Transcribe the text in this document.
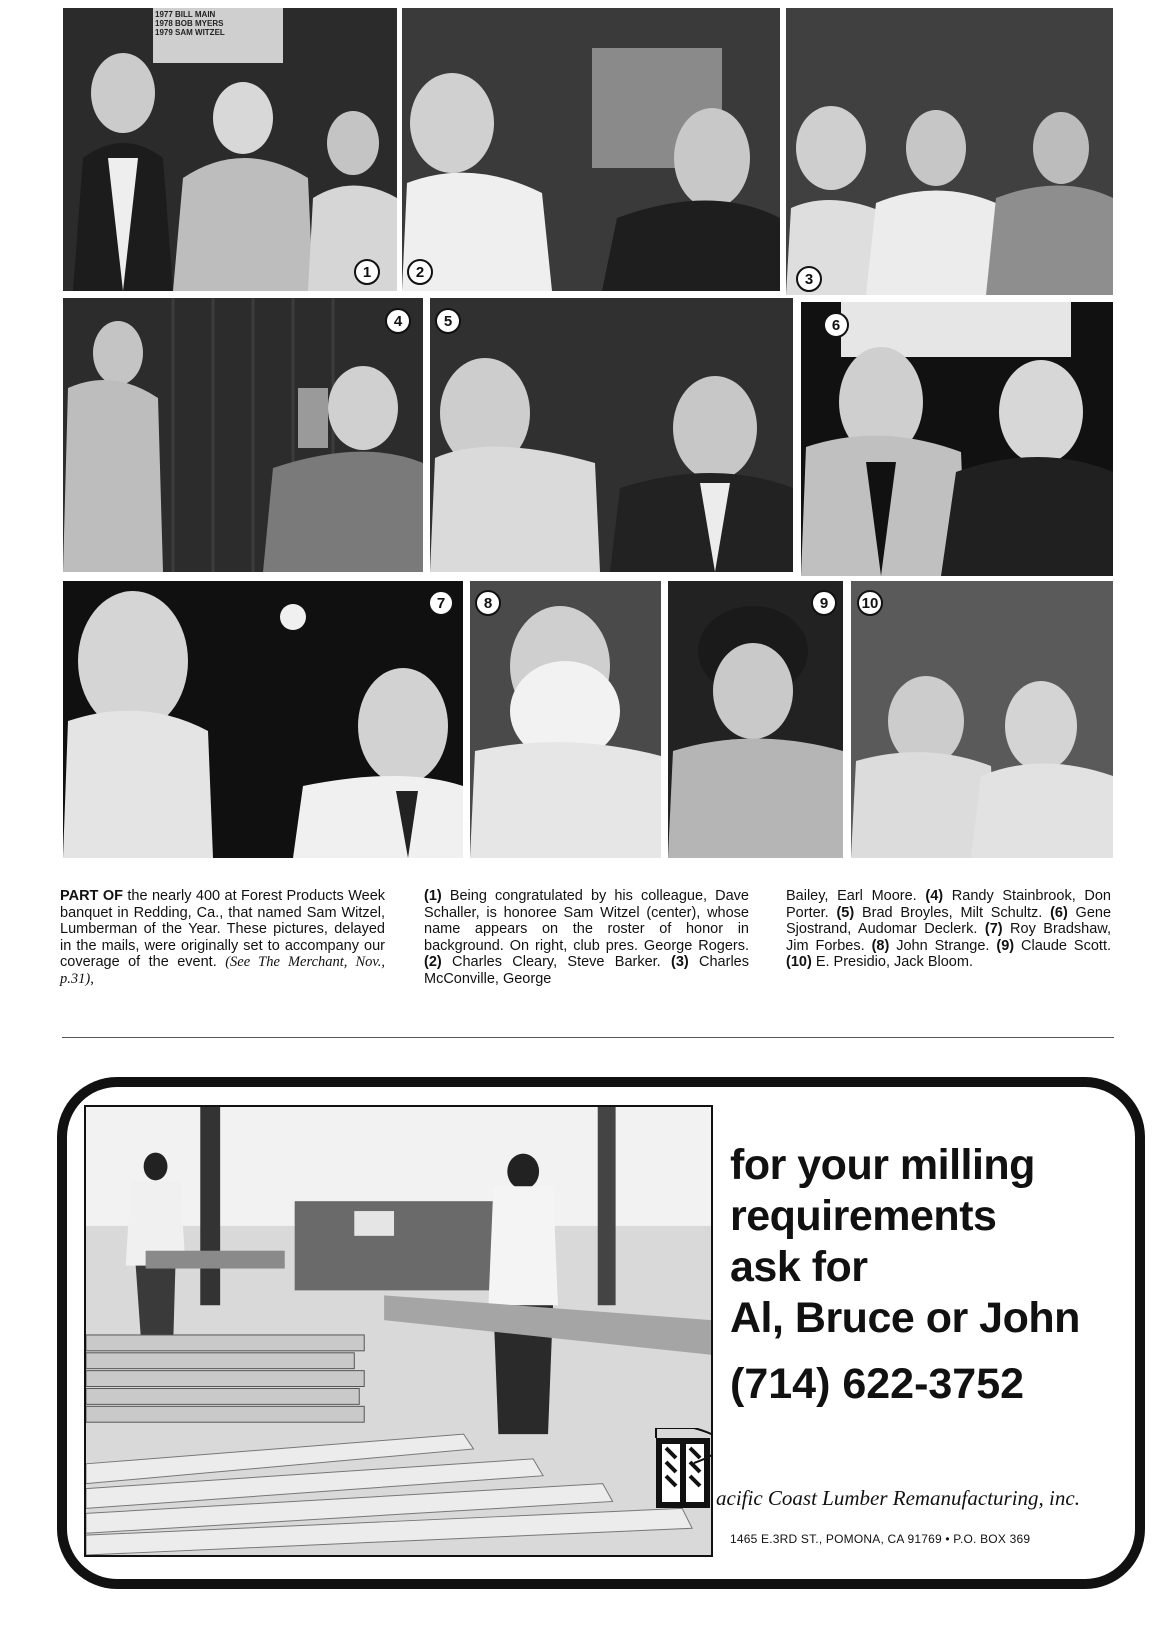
1977 BILL MAIN
1978 BOB MYERS
1979 SAM WITZEL
1	2	3
4	5	6
7	8	9	10
PART OF the nearly 400 at Forest Products Week banquet in Redding, Ca., that named Sam Witzel, Lumberman of the Year. These pictures, delayed in the mails, were originally set to accompany our coverage of the event. (See The Merchant, Nov., p.31),
(1) Being congratulated by his colleague, Dave Schaller, is honoree Sam Witzel (center), whose name appears on the roster of honor in background. On right, club pres. George Rogers. (2) Charles Cleary, Steve Barker. (3) Charles McConville, George
Bailey, Earl Moore. (4) Randy Stainbrook, Don Porter. (5) Brad Broyles, Milt Schultz. (6) Gene Sjostrand, Audomar Declerk. (7) Roy Bradshaw, Jim Forbes. (8) John Strange. (9) Claude Scott. (10) E. Presidio, Jack Bloom.
for your milling
requirements
ask for
Al, Bruce or John
(714) 622-3752
acific Coast Lumber Remanufacturing, inc.
1465 E.3RD ST., POMONA, CA 91769 • P.O. BOX 369
